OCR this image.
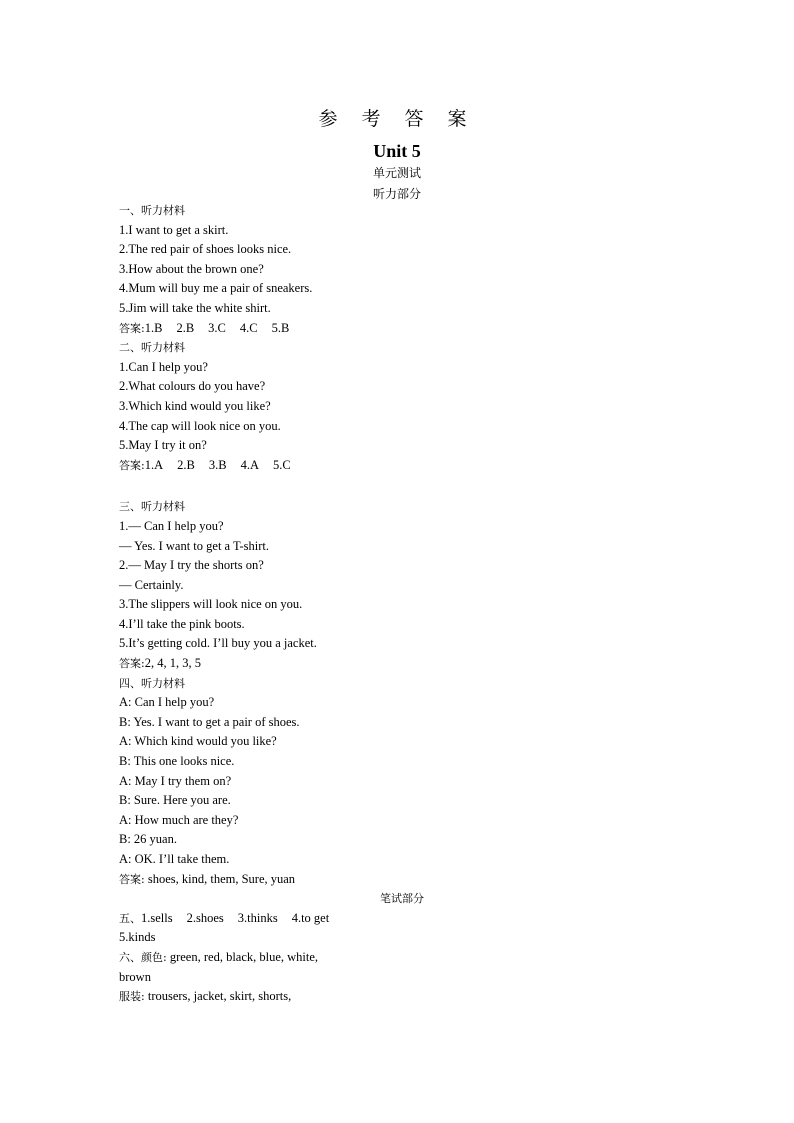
参 考 答 案
Unit 5
单元测试
听力部分
一、听力材料
1.I want to get a skirt.
2.The red pair of shoes looks nice.
3.How about the brown one?
4.Mum will buy me a pair of sneakers.
5.Jim will take the white shirt.
答案:1.B 2.B 3.C 4.C 5.B
二、听力材料
1.Can I help you?
2.What colours do you have?
3.Which kind would you like?
4.The cap will look nice on you.
5.May I try it on?
答案:1.A 2.B 3.B 4.A 5.C
三、听力材料
1.— Can I help you?
— Yes. I want to get a T-shirt.
2.— May I try the shorts on?
— Certainly.
3.The slippers will look nice on you.
4.I’ll take the pink boots.
5.It’s getting cold. I’ll buy you a jacket.
答案:2, 4, 1, 3, 5
四、听力材料
A: Can I help you?
B: Yes. I want to get a pair of shoes.
A: Which kind would you like?
B: This one looks nice.
A: May I try them on?
B: Sure. Here you are.
A: How much are they?
B: 26 yuan.
A: OK. I’ll take them.
答案: shoes, kind, them, Sure, yuan
笔试部分
五、1.sells 2.shoes 3.thinks 4.to get
5.kinds
六、颜色: green, red, black, blue, white,
brown
服装: trousers, jacket, skirt, shorts,
